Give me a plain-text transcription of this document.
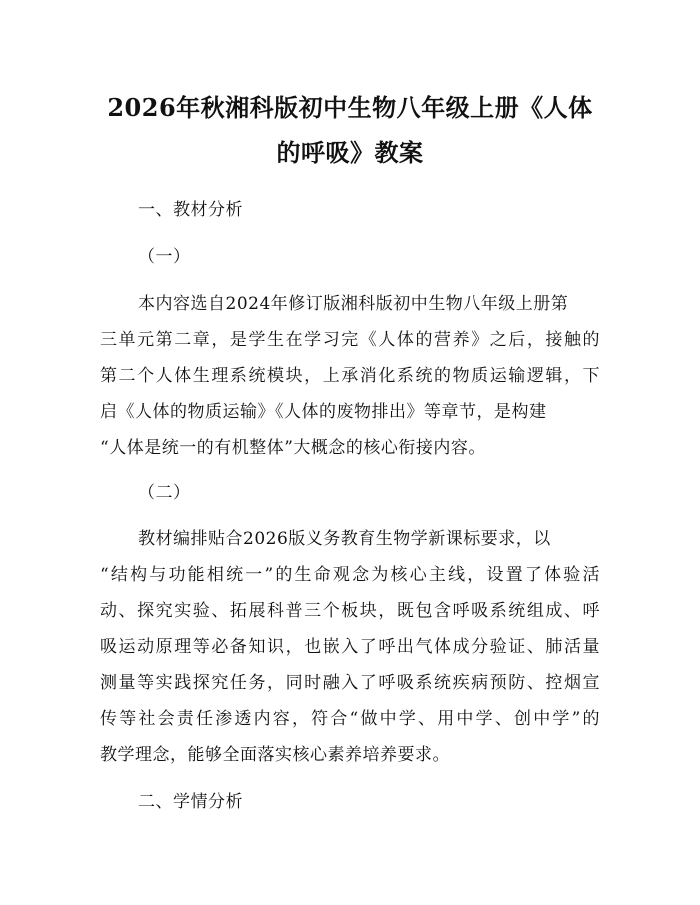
2026年秋湘科版初中生物八年级上册《人体
的呼吸》教案
一、教材分析
（一）
本内容选自2024年修订版湘科版初中生物八年级上册第
三单元第二章，是学生在学习完《人体的营养》之后，接触的
第二个人体生理系统模块，上承消化系统的物质运输逻辑，下
启《人体的物质运输》《人体的废物排出》等章节，是构建
“人体是统一的有机整体”大概念的核心衔接内容。
（二）
教材编排贴合2026版义务教育生物学新课标要求，以
“结构与功能相统一”的生命观念为核心主线，设置了体验活
动、探究实验、拓展科普三个板块，既包含呼吸系统组成、呼
吸运动原理等必备知识，也嵌入了呼出气体成分验证、肺活量
测量等实践探究任务，同时融入了呼吸系统疾病预防、控烟宣
传等社会责任渗透内容，符合“做中学、用中学、创中学”的
教学理念，能够全面落实核心素养培养要求。
二、学情分析
